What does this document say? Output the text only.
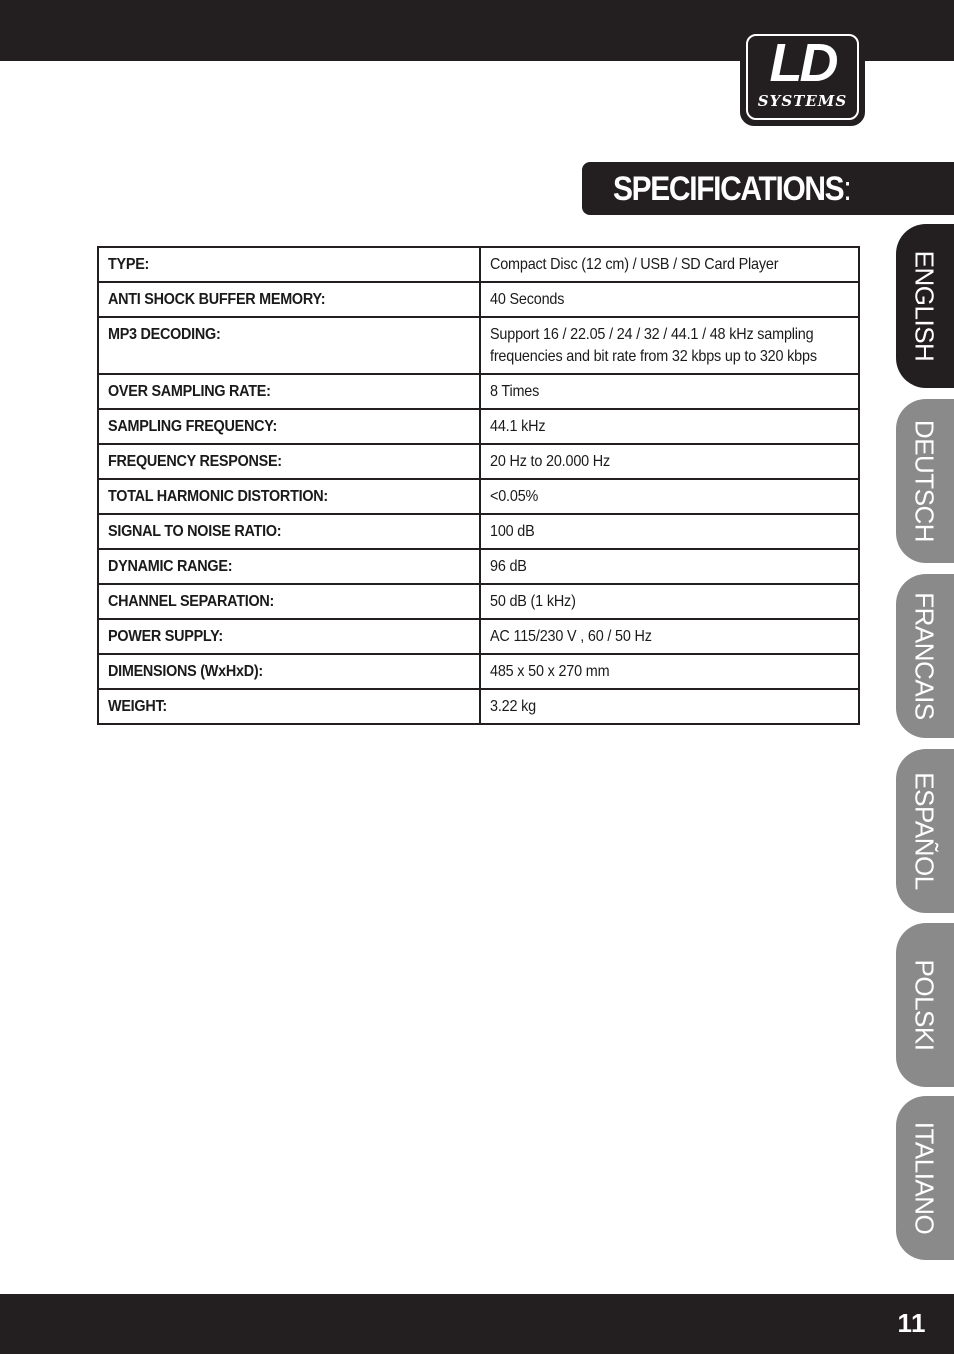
LD
SYSTEMS
SPECIFICATIONS:
TYPE:	Compact Disc (12 cm) / USB / SD Card Player
ANTI SHOCK BUFFER MEMORY:	40 Seconds
MP3 DECODING:	Support 16 / 22.05 / 24 / 32 / 44.1 / 48 kHz sampling
frequencies and bit rate from 32 kbps up to 320 kbps
OVER SAMPLING RATE:	8 Times
SAMPLING FREQUENCY:	44.1 kHz
FREQUENCY RESPONSE:	20 Hz to 20.000 Hz
TOTAL HARMONIC DISTORTION:	<0.05%
SIGNAL TO NOISE RATIO:	100 dB
DYNAMIC RANGE:	96 dB
CHANNEL SEPARATION:	50 dB (1 kHz)
POWER SUPPLY:	AC 115/230 V , 60 / 50 Hz
DIMENSIONS (WxHxD):	485 x 50 x 270 mm
WEIGHT:	3.22 kg
ENGLISH
DEUTSCH
FRANCAIS
ESPAÑOL
POLSKI
ITALIANO
11
